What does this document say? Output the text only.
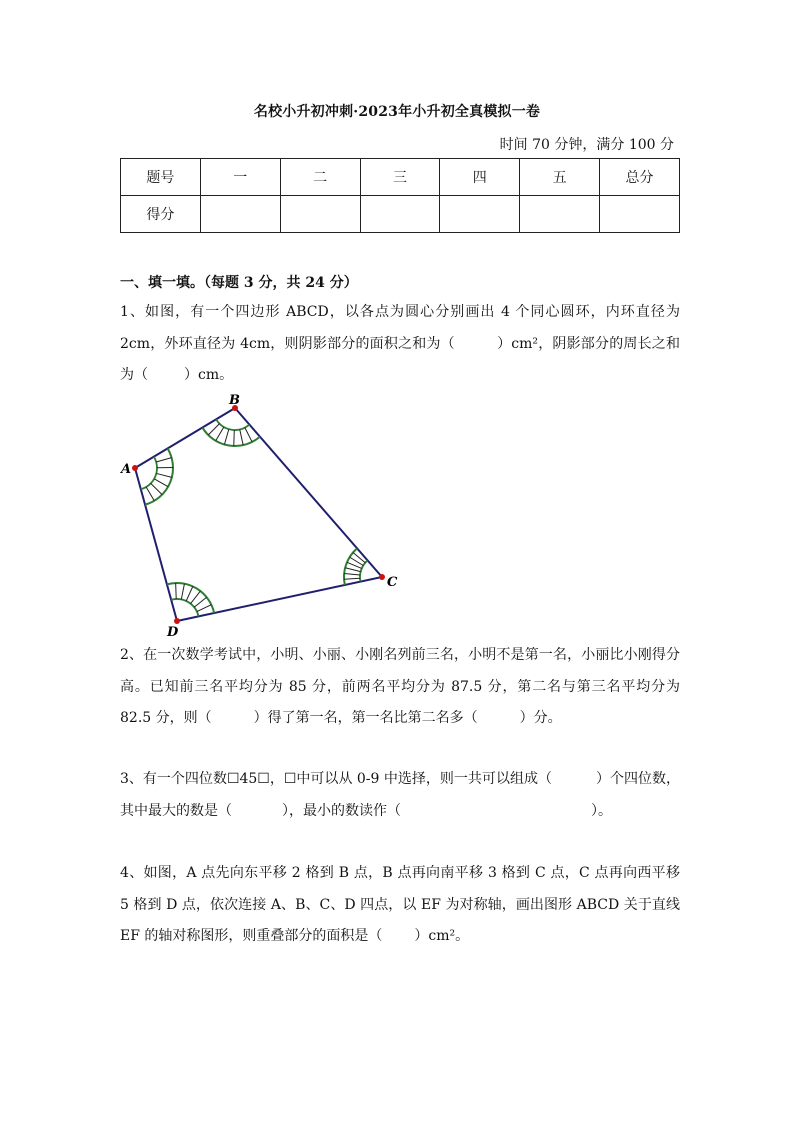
名校小升初冲刺·2023年小升初全真模拟一卷
时间 70 分钟，满分 100 分
题号	一	二	三	四	五	总分
得分						
一、填一填。（每题 3 分，共 24 分）
1、如图，有一个四边形 ABCD，以各点为圆心分别画出 4 个同心圆环，内环直径为 2cm，外环直径为 4cm，则阴影部分的面积之和为（	）cm²，阴影部分的周长之和为（	）cm。
B
A
C
D
2、在一次数学考试中，小明、小丽、小刚名列前三名，小明不是第一名，小丽比小刚得分高。已知前三名平均分为 85 分，前两名平均分为 87.5 分，第二名与第三名平均分为 82.5 分，则（	）得了第一名，第一名比第二名多（	）分。
3、有一个四位数☐45☐，☐中可以从 0-9 中选择，则一共可以组成（	）个四位数，其中最大的数是（	），最小的数读作（	）。
4、如图，A 点先向东平移 2 格到 B 点，B 点再向南平移 3 格到 C 点，C 点再向西平移 5 格到 D 点，依次连接 A、B、C、D 四点，以 EF 为对称轴，画出图形 ABCD 关于直线 EF 的轴对称图形，则重叠部分的面积是（ ）cm²。
